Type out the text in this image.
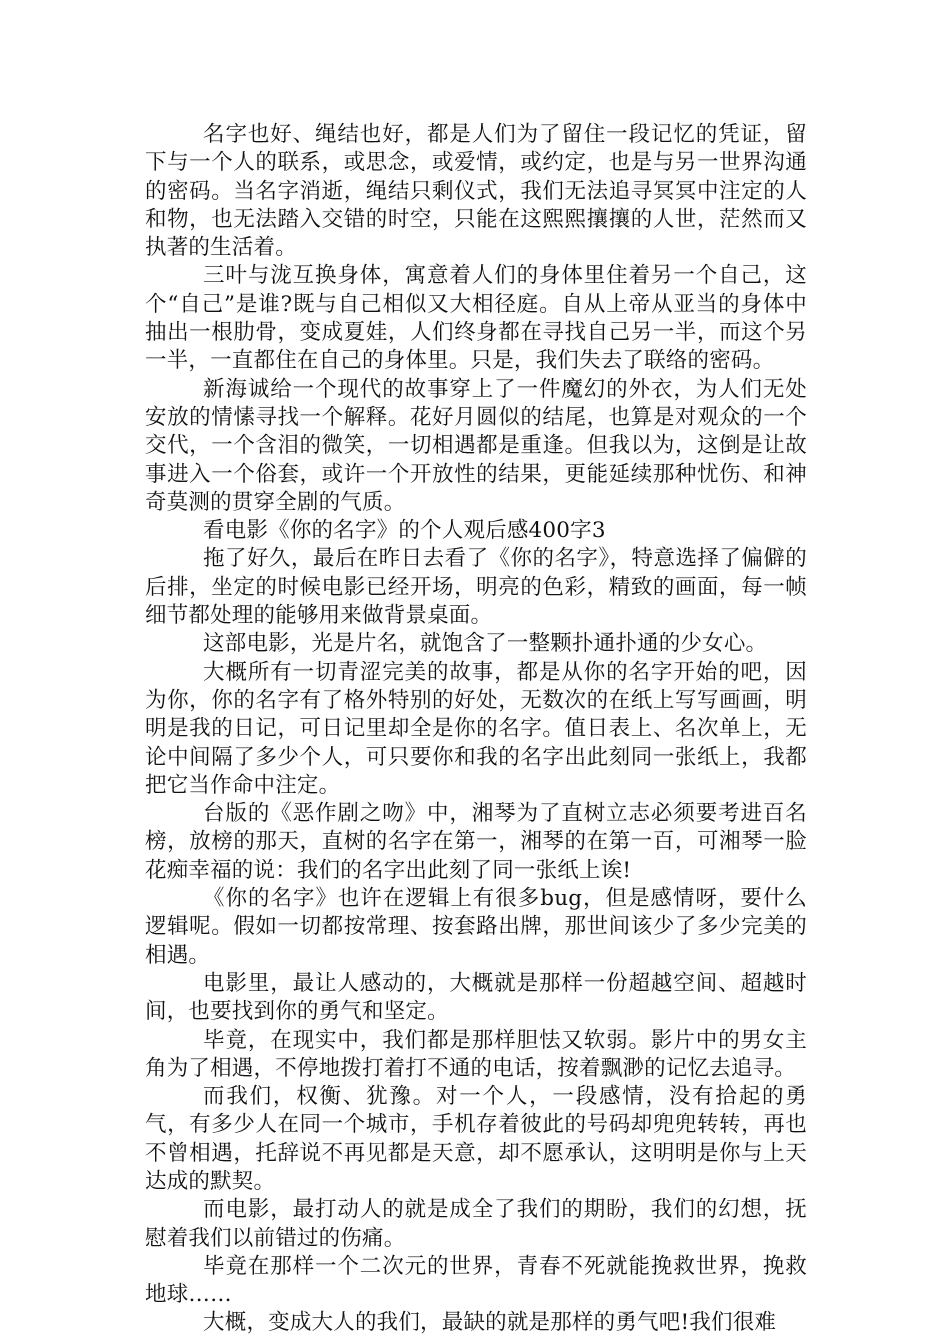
名字也好、绳结也好，都是人们为了留住一段记忆的凭证，留下与一个人的联系，或思念，或爱情，或约定，也是与另一世界沟通的密码。当名字消逝，绳结只剩仪式，我们无法追寻冥冥中注定的人和物，也无法踏入交错的时空，只能在这熙熙攘攘的人世，茫然而又执著的生活着。

三叶与泷互换身体，寓意着人们的身体里住着另一个自己，这个“自己”是谁?既与自己相似又大相径庭。自从上帝从亚当的身体中抽出一根肋骨，变成夏娃，人们终身都在寻找自己另一半，而这个另一半，一直都住在自己的身体里。只是，我们失去了联络的密码。

新海诚给一个现代的故事穿上了一件魔幻的外衣，为人们无处安放的情愫寻找一个解释。花好月圆似的结尾，也算是对观众的一个交代，一个含泪的微笑，一切相遇都是重逢。但我以为，这倒是让故事进入一个俗套，或许一个开放性的结果，更能延续那种忧伤、和神奇莫测的贯穿全剧的气质。

看电影《你的名字》的个人观后感400字3

拖了好久，最后在昨日去看了《你的名字》，特意选择了偏僻的后排，坐定的时候电影已经开场，明亮的色彩，精致的画面，每一帧细节都处理的能够用来做背景桌面。

这部电影，光是片名，就饱含了一整颗扑通扑通的少女心。

大概所有一切青涩完美的故事，都是从你的名字开始的吧，因为你，你的名字有了格外特别的好处，无数次的在纸上写写画画，明明是我的日记，可日记里却全是你的名字。值日表上、名次单上，无论中间隔了多少个人，可只要你和我的名字出此刻同一张纸上，我都把它当作命中注定。

台版的《恶作剧之吻》中，湘琴为了直树立志必须要考进百名榜，放榜的那天，直树的名字在第一，湘琴的在第一百，可湘琴一脸花痴幸福的说：我们的名字出此刻了同一张纸上诶!

《你的名字》也许在逻辑上有很多bug，但是感情呀，要什么逻辑呢。假如一切都按常理、按套路出牌，那世间该少了多少完美的相遇。

电影里，最让人感动的，大概就是那样一份超越空间、超越时间，也要找到你的勇气和坚定。

毕竟，在现实中，我们都是那样胆怯又软弱。影片中的男女主角为了相遇，不停地拨打着打不通的电话，按着飘渺的记忆去追寻。

而我们，权衡、犹豫。对一个人，一段感情，没有拾起的勇气，有多少人在同一个城市，手机存着彼此的号码却兜兜转转，再也不曾相遇，托辞说不再见都是天意，却不愿承认，这明明是你与上天达成的默契。

而电影，最打动人的就是成全了我们的期盼，我们的幻想，抚慰着我们以前错过的伤痛。

毕竟在那样一个二次元的世界，青春不死就能挽救世界，挽救地球……

大概，变成大人的我们，最缺的就是那样的勇气吧!我们很难
